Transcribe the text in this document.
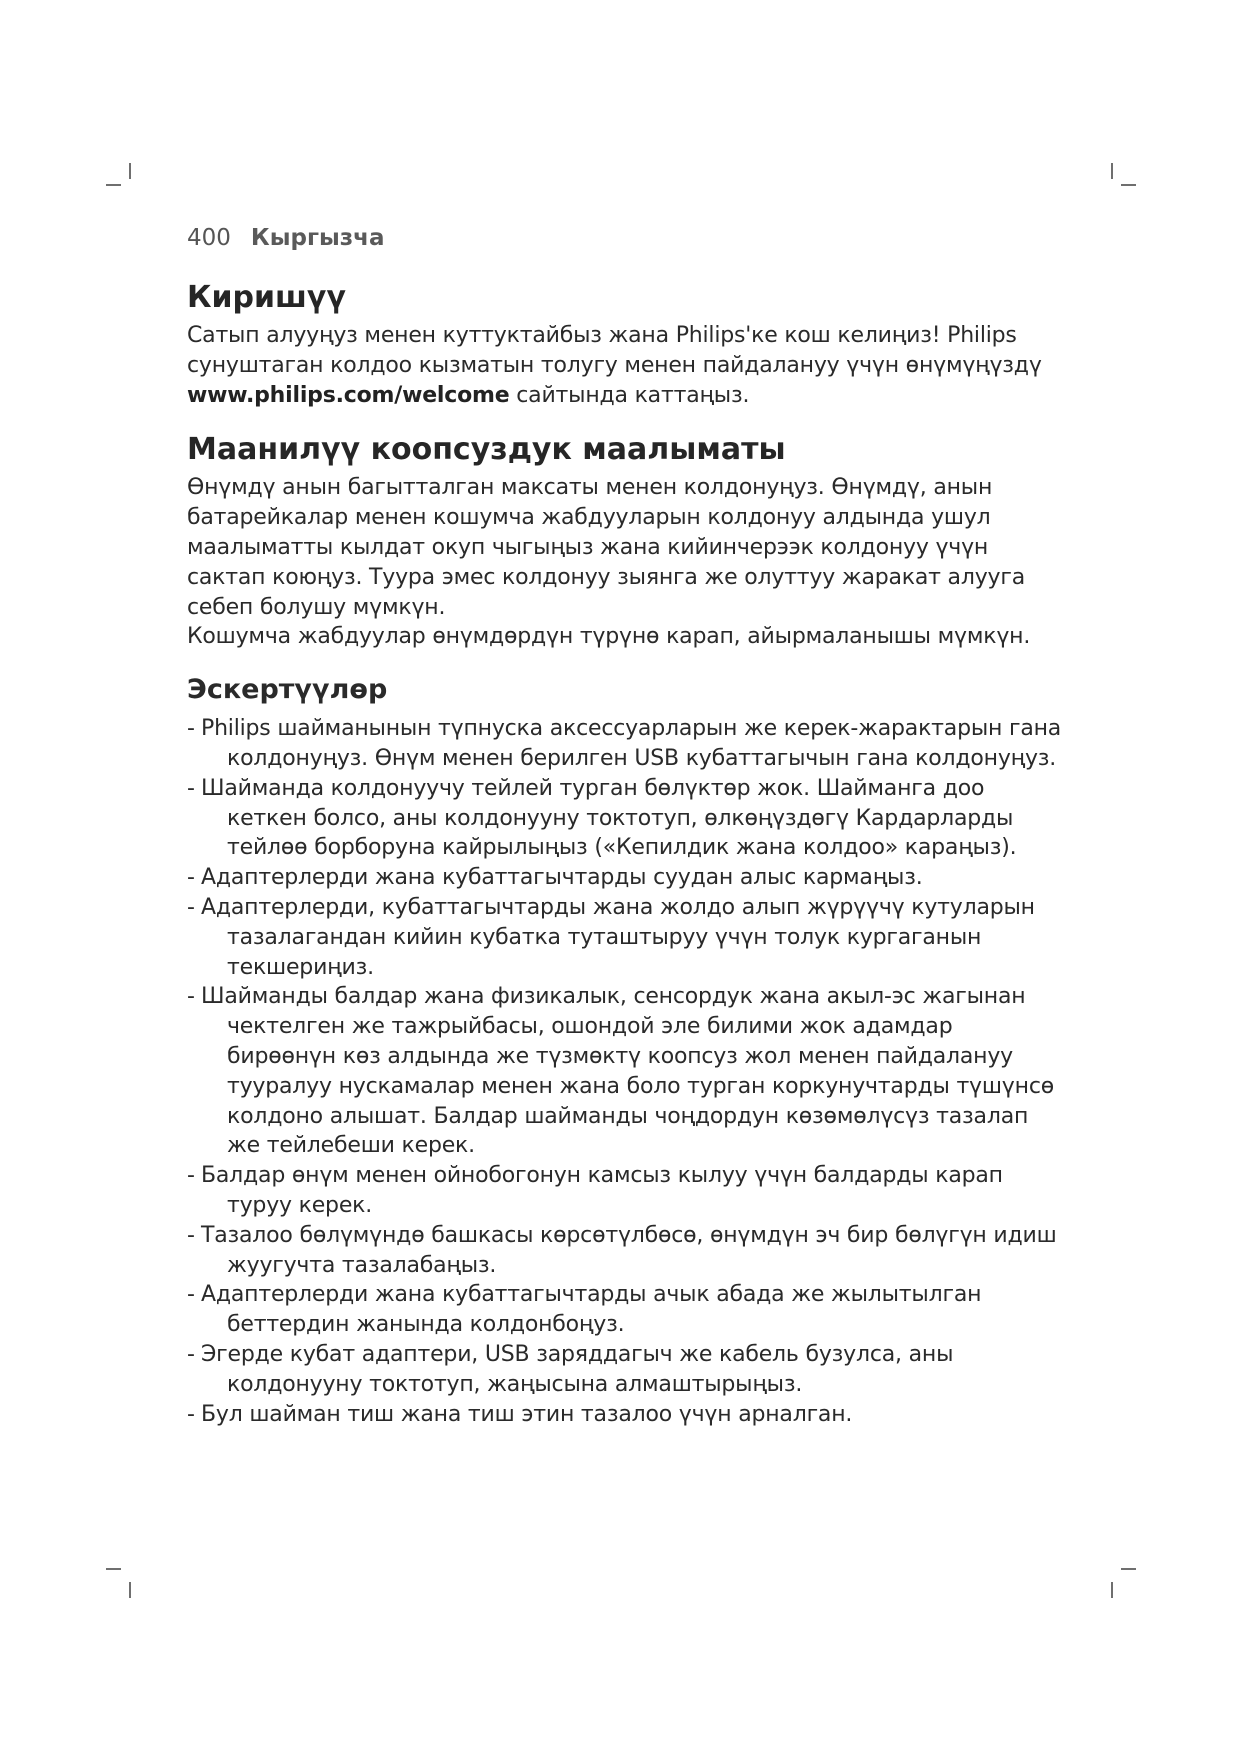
400 Кыргызча
Киришүү

Сатып алууңуз менен куттуктайбыз жана Philips'ке кош келиңиз! Philips сунуштаган колдоо кызматын толугу менен пайдалануу үчүн өнүмүңүздү
www.philips.com/welcome сайтында каттаңыз.

Маанилүү коопсуздук маалыматы

Өнүмдү анын багытталган максаты менен колдонуңуз. Өнүмдү, анын батарейкалар менен кошумча жабдууларын колдонуу алдында ушул маалыматты кылдат окуп чыгыңыз жана кийинчерээк колдонуу үчүн сактап коюңуз. Туура эмес колдонуу зыянга же олуттуу жаракат алууга себеп болушу мүмкүн.

Кошумча жабдуулар өнүмдөрдүн түрүнө карап, айырмаланышы мүмкүн.

Эскертүүлөр
- Philips шайманынын түпнуска аксессуарларын же керек-жарактарын гана колдонуңуз. Өнүм менен берилген USB кубаттагычын гана колдонуңуз.
- Шайманда колдонуучу тейлей турган бөлүктөр жок. Шайманга доо кеткен болсо, аны колдонууну токтотуп, өлкөңүздөгү Кардарларды тейлөө борборуна кайрылыңыз («Кепилдик жана колдоо» караңыз).
- Адаптерлерди жана кубаттагычтарды суудан алыс кармаңыз.
- Адаптерлерди, кубаттагычтарды жана жолдо алып жүрүүчү кутуларын тазалагандан кийин кубатка туташтыруу үчүн толук кургаганын текшериңиз.
- Шайманды балдар жана физикалык, сенсордук жана акыл-эс жагынан чектелген же тажрыйбасы, ошондой эле билими жок адамдар бирөөнүн көз алдында же түзмөктү коопсуз жол менен пайдалануу тууралуу нускамалар менен жана боло турган коркунучтарды түшүнсө колдоно алышат. Балдар шайманды чоңдордун көзөмөлүсүз тазалап же тейлебеши керек.
- Балдар өнүм менен ойнобогонун камсыз кылуу үчүн балдарды карап туруу керек.
- Тазалоо бөлүмүндө башкасы көрсөтүлбөсө, өнүмдүн эч бир бөлүгүн идиш жуугучта тазалабаңыз.
- Адаптерлерди жана кубаттагычтарды ачык абада же жылытылган беттердин жанында колдонбоңуз.
- Эгерде кубат адаптери, USB заряддагыч же кабель бузулса, аны колдонууну токтотуп, жаңысына алмаштырыңыз.
- Бул шайман тиш жана тиш этин тазалоо үчүн арналган.
